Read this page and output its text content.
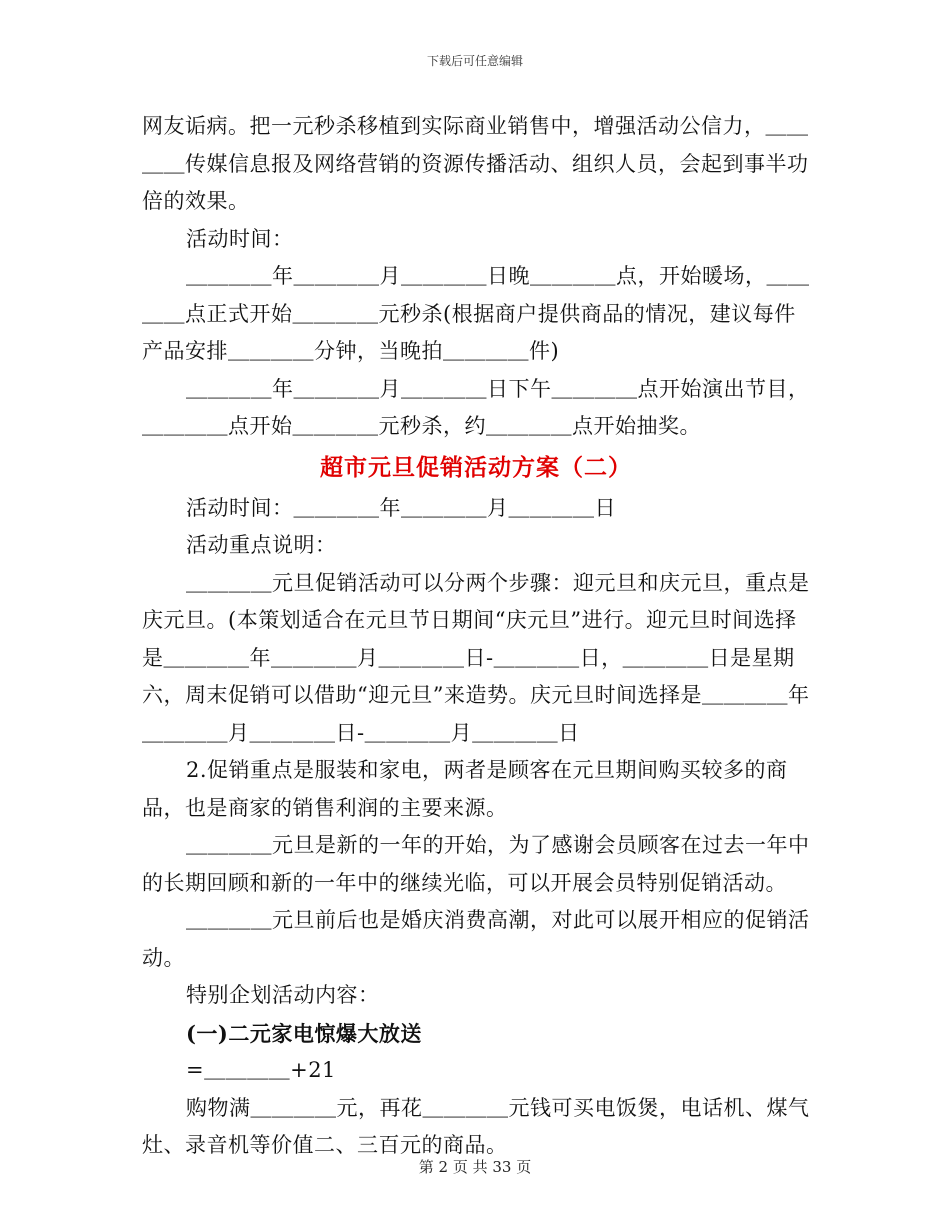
下载后可任意编辑

网友诟病。把一元秒杀移植到实际商业销售中，增强活动公信力，＿＿＿＿传媒信息报及网络营销的资源传播活动、组织人员，会起到事半功倍的效果。

活动时间：

＿＿＿＿年＿＿＿＿月＿＿＿＿日晚＿＿＿＿点，开始暖场，＿＿＿＿点正式开始＿＿＿＿元秒杀(根据商户提供商品的情况，建议每件产品安排＿＿＿＿分钟，当晚拍＿＿＿＿件)

＿＿＿＿年＿＿＿＿月＿＿＿＿日下午＿＿＿＿点开始演出节目，＿＿＿＿点开始＿＿＿＿元秒杀，约＿＿＿＿点开始抽奖。

超市元旦促销活动方案（二）

活动时间：＿＿＿＿年＿＿＿＿月＿＿＿＿日

活动重点说明：

＿＿＿＿元旦促销活动可以分两个步骤：迎元旦和庆元旦，重点是庆元旦。(本策划适合在元旦节日期间“庆元旦”进行。迎元旦时间选择是＿＿＿＿年＿＿＿＿月＿＿＿＿日-＿＿＿＿日，＿＿＿＿日是星期六，周末促销可以借助“迎元旦”来造势。庆元旦时间选择是＿＿＿＿年＿＿＿＿月＿＿＿＿日-＿＿＿＿月＿＿＿＿日

2.促销重点是服装和家电，两者是顾客在元旦期间购买较多的商品，也是商家的销售利润的主要来源。

＿＿＿＿元旦是新的一年的开始，为了感谢会员顾客在过去一年中的长期回顾和新的一年中的继续光临，可以开展会员特别促销活动。

＿＿＿＿元旦前后也是婚庆消费高潮，对此可以展开相应的促销活动。

特别企划活动内容：

(一)二元家电惊爆大放送

=＿＿＿＿+21

购物满＿＿＿＿元，再花＿＿＿＿元钱可买电饭煲，电话机、煤气灶、录音机等价值二、三百元的商品。

第 2 页 共 33 页
